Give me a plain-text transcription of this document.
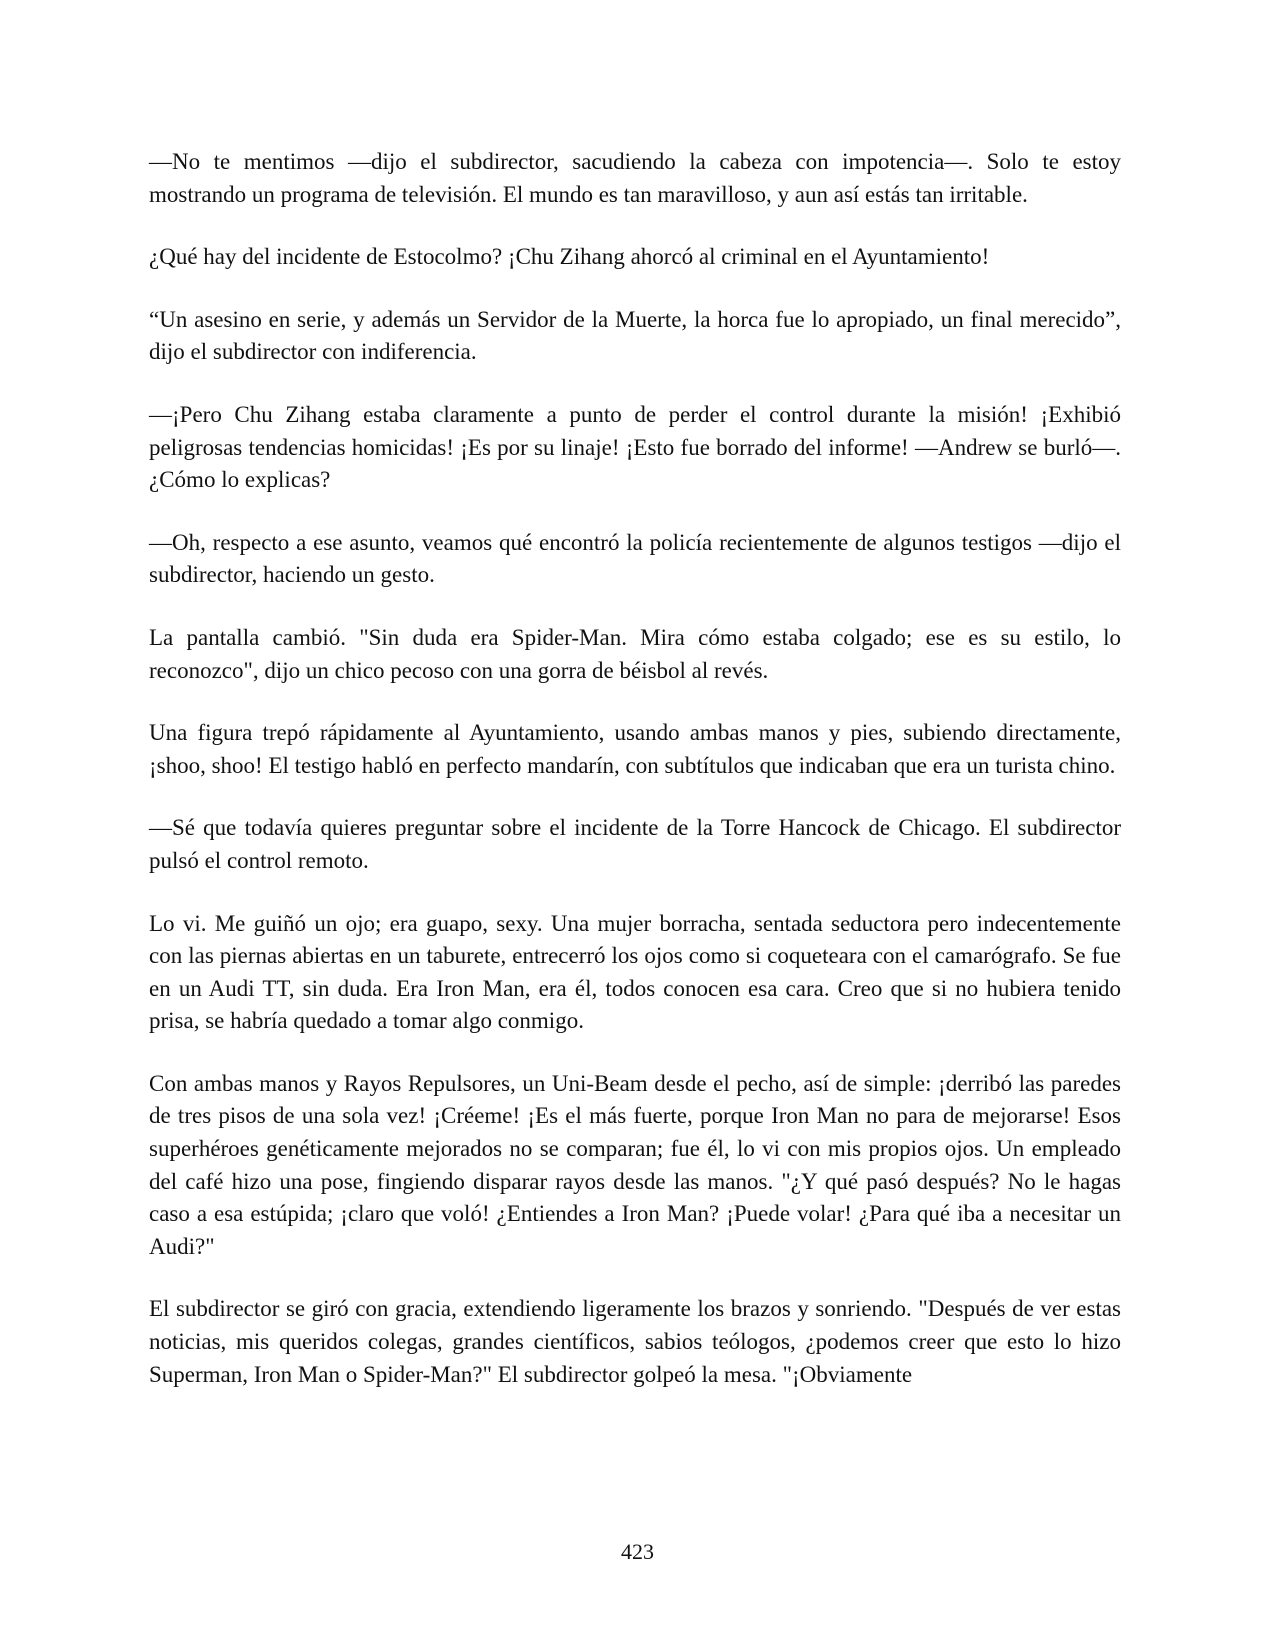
—No te mentimos —dijo el subdirector, sacudiendo la cabeza con impotencia—. Solo te estoy mostrando un programa de televisión. El mundo es tan maravilloso, y aun así estás tan irritable.

¿Qué hay del incidente de Estocolmo? ¡Chu Zihang ahorcó al criminal en el Ayuntamiento!

“Un asesino en serie, y además un Servidor de la Muerte, la horca fue lo apropiado, un final merecido”, dijo el subdirector con indiferencia.

—¡Pero Chu Zihang estaba claramente a punto de perder el control durante la misión! ¡Exhibió peligrosas tendencias homicidas! ¡Es por su linaje! ¡Esto fue borrado del informe! —Andrew se burló—. ¿Cómo lo explicas?

—Oh, respecto a ese asunto, veamos qué encontró la policía recientemente de algunos testigos —dijo el subdirector, haciendo un gesto.

La pantalla cambió. "Sin duda era Spider-Man. Mira cómo estaba colgado; ese es su estilo, lo reconozco", dijo un chico pecoso con una gorra de béisbol al revés.

Una figura trepó rápidamente al Ayuntamiento, usando ambas manos y pies, subiendo directamente, ¡shoo, shoo! El testigo habló en perfecto mandarín, con subtítulos que indicaban que era un turista chino.

—Sé que todavía quieres preguntar sobre el incidente de la Torre Hancock de Chicago. El subdirector pulsó el control remoto.

Lo vi. Me guiñó un ojo; era guapo, sexy. Una mujer borracha, sentada seductora pero indecentemente con las piernas abiertas en un taburete, entrecerró los ojos como si coqueteara con el camarógrafo. Se fue en un Audi TT, sin duda. Era Iron Man, era él, todos conocen esa cara. Creo que si no hubiera tenido prisa, se habría quedado a tomar algo conmigo.

Con ambas manos y Rayos Repulsores, un Uni-Beam desde el pecho, así de simple: ¡derribó las paredes de tres pisos de una sola vez! ¡Créeme! ¡Es el más fuerte, porque Iron Man no para de mejorarse! Esos superhéroes genéticamente mejorados no se comparan; fue él, lo vi con mis propios ojos. Un empleado del café hizo una pose, fingiendo disparar rayos desde las manos. "¿Y qué pasó después? No le hagas caso a esa estúpida; ¡claro que voló! ¿Entiendes a Iron Man? ¡Puede volar! ¿Para qué iba a necesitar un Audi?"

El subdirector se giró con gracia, extendiendo ligeramente los brazos y sonriendo. "Después de ver estas noticias, mis queridos colegas, grandes científicos, sabios teólogos, ¿podemos creer que esto lo hizo Superman, Iron Man o Spider-Man?" El subdirector golpeó la mesa. "¡Obviamente

423
